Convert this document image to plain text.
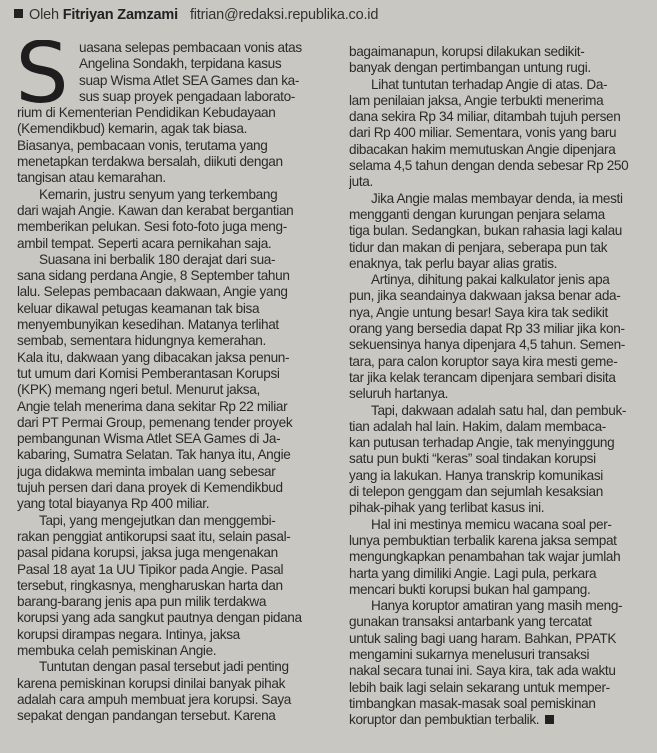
Oleh Fitriyan Zamzami fitrian@redaksi.republika.co.id
S uasana selepas pembacaan vonis atas
Angelina Sondakh, terpidana kasus
suap Wisma Atlet SEA Games dan ka-
sus suap proyek pengadaan laborato-
rium di Kementerian Pendidikan Kebudayaan
(Kemendikbud) kemarin, agak tak biasa.
Biasanya, pembacaan vonis, terutama yang
menetapkan terdakwa bersalah, diikuti dengan
tangisan atau kemarahan.
Kemarin, justru senyum yang terkembang
dari wajah Angie. Kawan dan kerabat bergantian
memberikan pelukan. Sesi foto-foto juga meng-
ambil tempat. Seperti acara pernikahan saja.
Suasana ini berbalik 180 derajat dari sua-
sana sidang perdana Angie, 8 September tahun
lalu. Selepas pembacaan dakwaan, Angie yang
keluar dikawal petugas keamanan tak bisa
menyembunyikan kesedihan. Matanya terlihat
sembab, sementara hidungnya kemerahan.
Kala itu, dakwaan yang dibacakan jaksa penun-
tut umum dari Komisi Pemberantasan Korupsi
(KPK) memang ngeri betul. Menurut jaksa,
Angie telah menerima dana sekitar Rp 22 miliar
dari PT Permai Group, pemenang tender proyek
pembangunan Wisma Atlet SEA Games di Ja-
kabaring, Sumatra Selatan. Tak hanya itu, Angie
juga didakwa meminta imbalan uang sebesar
tujuh persen dari dana proyek di Kemendikbud
yang total biayanya Rp 400 miliar.
Tapi, yang mengejutkan dan menggembi-
rakan penggiat antikorupsi saat itu, selain pasal-
pasal pidana korupsi, jaksa juga mengenakan
Pasal 18 ayat 1a UU Tipikor pada Angie. Pasal
tersebut, ringkasnya, mengharuskan harta dan
barang-barang jenis apa pun milik terdakwa
korupsi yang ada sangkut pautnya dengan pidana
korupsi dirampas negara. Intinya, jaksa
membuka celah pemiskinan Angie.
Tuntutan dengan pasal tersebut jadi penting
karena pemiskinan korupsi dinilai banyak pihak
adalah cara ampuh membuat jera korupsi. Saya
sepakat dengan pandangan tersebut. Karena
bagaimanapun, korupsi dilakukan sedikit-
banyak dengan pertimbangan untung rugi.
Lihat tuntutan terhadap Angie di atas. Da-
lam penilaian jaksa, Angie terbukti menerima
dana sekira Rp 34 miliar, ditambah tujuh persen
dari Rp 400 miliar. Sementara, vonis yang baru
dibacakan hakim memutuskan Angie dipenjara
selama 4,5 tahun dengan denda sebesar Rp 250
juta.
Jika Angie malas membayar denda, ia mesti
mengganti dengan kurungan penjara selama
tiga bulan. Sedangkan, bukan rahasia lagi kalau
tidur dan makan di penjara, seberapa pun tak
enaknya, tak perlu bayar alias gratis.
Artinya, dihitung pakai kalkulator jenis apa
pun, jika seandainya dakwaan jaksa benar ada-
nya, Angie untung besar! Saya kira tak sedikit
orang yang bersedia dapat Rp 33 miliar jika kon-
sekuensinya hanya dipenjara 4,5 tahun. Semen-
tara, para calon koruptor saya kira mesti geme-
tar jika kelak terancam dipenjara sembari disita
seluruh hartanya.
Tapi, dakwaan adalah satu hal, dan pembuk-
tian adalah hal lain. Hakim, dalam membaca-
kan putusan terhadap Angie, tak menyinggung
satu pun bukti “keras” soal tindakan korupsi
yang ia lakukan. Hanya transkrip komunikasi
di telepon genggam dan sejumlah kesaksian
pihak-pihak yang terlibat kasus ini.
Hal ini mestinya memicu wacana soal per-
lunya pembuktian terbalik karena jaksa sempat
mengungkapkan penambahan tak wajar jumlah
harta yang dimiliki Angie. Lagi pula, perkara
mencari bukti korupsi bukan hal gampang.
Hanya koruptor amatiran yang masih meng-
gunakan transaksi antarbank yang tercatat
untuk saling bagi uang haram. Bahkan, PPATK
mengamini sukarnya menelusuri transaksi
nakal secara tunai ini. Saya kira, tak ada waktu
lebih baik lagi selain sekarang untuk memper-
timbangkan masak-masak soal pemiskinan
koruptor dan pembuktian terbalik.
